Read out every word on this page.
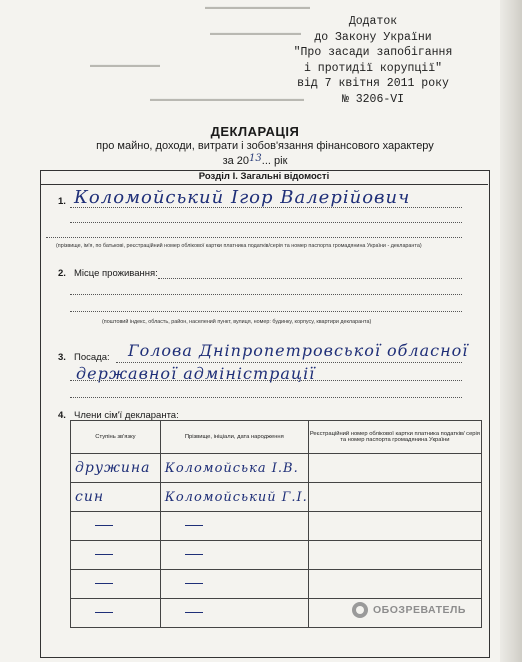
▬▬▬▬▬▬▬▬▬▬▬▬▬▬▬
▬▬▬▬▬▬▬▬▬▬▬▬▬
▬▬▬▬▬▬▬▬▬▬
▬▬▬▬▬▬▬▬▬▬▬▬▬▬▬▬▬▬▬▬▬▬
Додаток
до Закону України
"Про засади запобігання
і протидії корупції"
від 7 квітня 2011 року
№ 3206-VI
ДЕКЛАРАЦІЯ
про майно, доходи, витрати і зобов'язання фінансового характеру
за 2013... рік
Розділ I. Загальні відомості
1. Коломойський Ігор Валерійович
(прізвище, ім'я, по батькові, реєстраційний номер облікової картки платника податків/серія та номер паспорта громадянина України - декларанта)
2. Місце проживання:
(поштовий індекс, область, район, населений пункт, вулиця, номер: будинку, корпусу, квартири декларанта)
3. Посада: Голова Дніпропетровської обласної
державної адміністрації
4. Члени сім'ї декларанта:
Ступінь зв'язку	Прізвище, ініціали, дата народження	Реєстраційний номер облікової картки платника податків/ серія та номер паспорта громадянина України
дружина	Коломойська І.В.	
син	Коломойський Г.І.	

ОБОЗРЕВАТЕЛЬ
